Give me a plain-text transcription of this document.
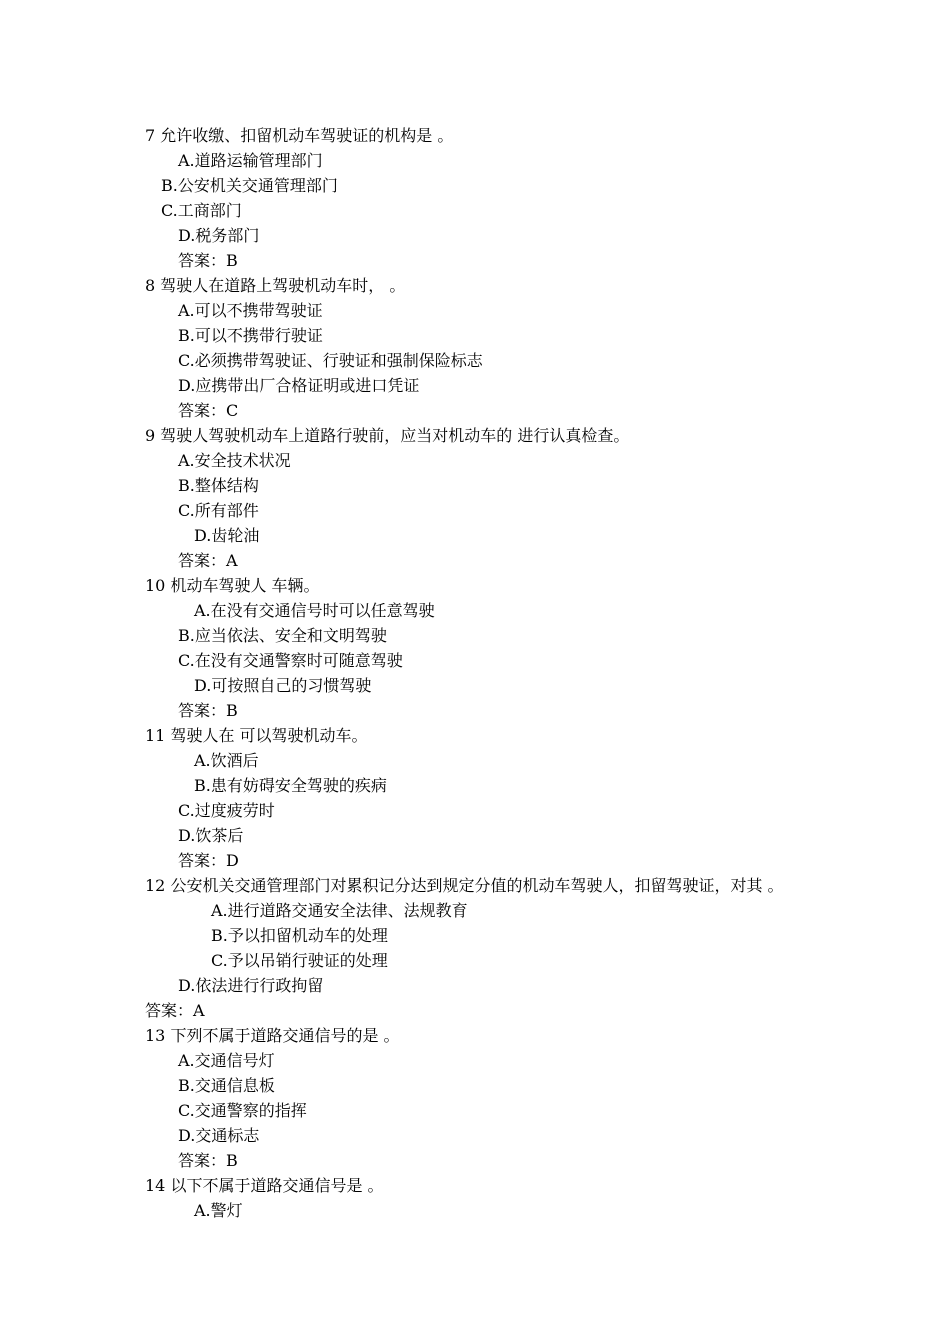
7 允许收缴、扣留机动车驾驶证的机构是 。
A.道路运输管理部门
B.公安机关交通管理部门
C.工商部门
D.税务部门
答案：B
8 驾驶人在道路上驾驶机动车时， 。
A.可以不携带驾驶证
B.可以不携带行驶证
C.必须携带驾驶证、行驶证和强制保险标志
D.应携带出厂合格证明或进口凭证
答案：C
9 驾驶人驾驶机动车上道路行驶前，应当对机动车的 进行认真检查。
A.安全技术状况
B.整体结构
C.所有部件
D.齿轮油
答案：A
10 机动车驾驶人 车辆。
A.在没有交通信号时可以任意驾驶
B.应当依法、安全和文明驾驶
C.在没有交通警察时可随意驾驶
D.可按照自己的习惯驾驶
答案：B
11 驾驶人在 可以驾驶机动车。
A.饮酒后
B.患有妨碍安全驾驶的疾病
C.过度疲劳时
D.饮茶后
答案：D
12 公安机关交通管理部门对累积记分达到规定分值的机动车驾驶人，扣留驾驶证，对其 。
A.进行道路交通安全法律、法规教育
B.予以扣留机动车的处理
C.予以吊销行驶证的处理
D.依法进行行政拘留
答案：A
13 下列不属于道路交通信号的是 。
A.交通信号灯
B.交通信息板
C.交通警察的指挥
D.交通标志
答案：B
14 以下不属于道路交通信号是 。
A.警灯
